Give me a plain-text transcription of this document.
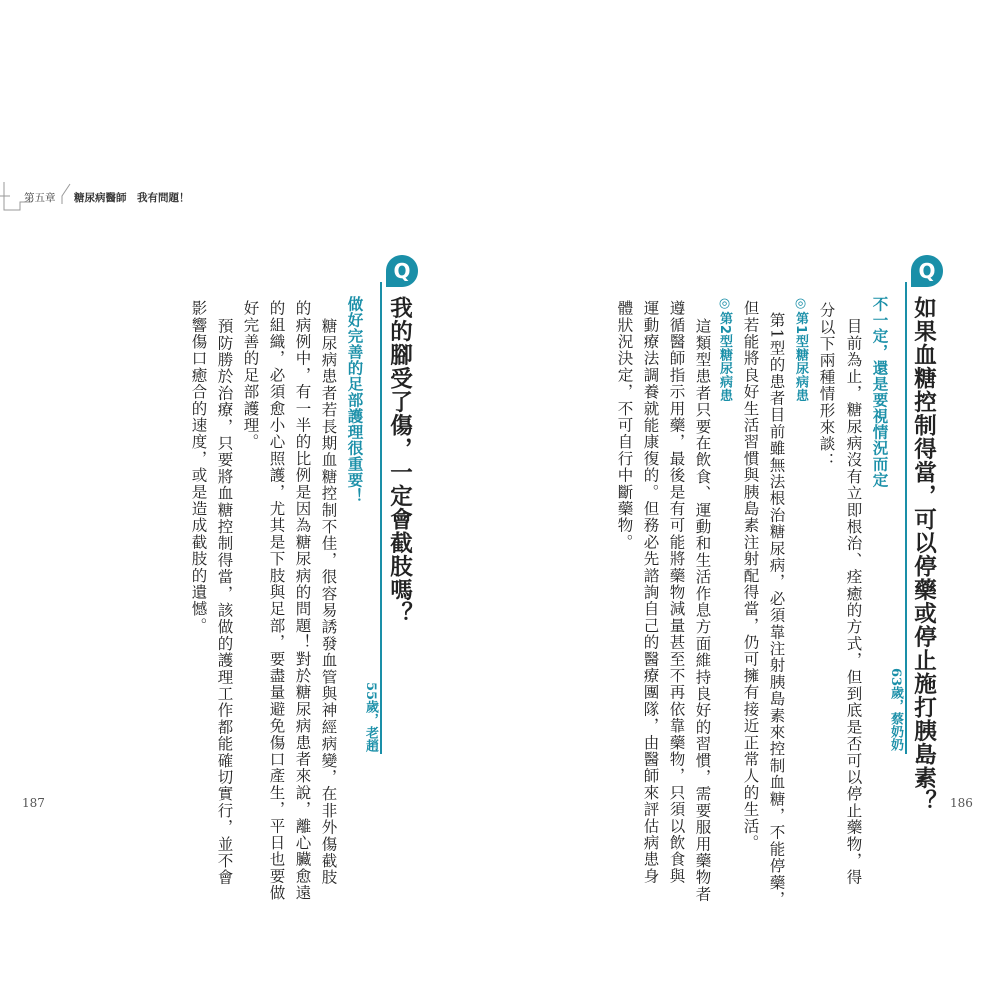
第五章 糖尿病醫師　我有問題！
Q
如果血糖控制得當，可以停藥或停止施打胰島素？
63歲，蔡奶奶
不一定，還是要視情況而定
目前為止，糖尿病沒有立即根治、痊癒的方式，但到底是否可以停止藥物，得
分以下兩種情形來談：
◎第1型糖尿病患
第1型的患者目前雖無法根治糖尿病，必須靠注射胰島素來控制血糖，不能停藥，
但若能將良好生活習慣與胰島素注射配得當，仍可擁有接近正常人的生活。
◎第2型糖尿病患
這類型患者只要在飲食、運動和生活作息方面維持良好的習慣，需要服用藥物者
遵循醫師指示用藥，最後是有可能將藥物減量甚至不再依靠藥物，只須以飲食與
運動療法調養就能康復的。但務必先諮詢自己的醫療團隊，由醫師來評估病患身
體狀況決定，不可自行中斷藥物。
186
Q
我的腳受了傷，一定會截肢嗎？
55歲，老趙
做好完善的足部護理很重要！
糖尿病患者若長期血糖控制不佳，很容易誘發血管與神經病變，在非外傷截肢
的病例中，有一半的比例是因為糖尿病的問題！對於糖尿病患者來說，離心臟愈遠
的組織，必須愈小心照護，尤其是下肢與足部，要盡量避免傷口產生，平日也要做
好完善的足部護理。
預防勝於治療，只要將血糖控制得當，該做的護理工作都能確切實行，並不會
影響傷口癒合的速度，或是造成截肢的遺憾。
187
